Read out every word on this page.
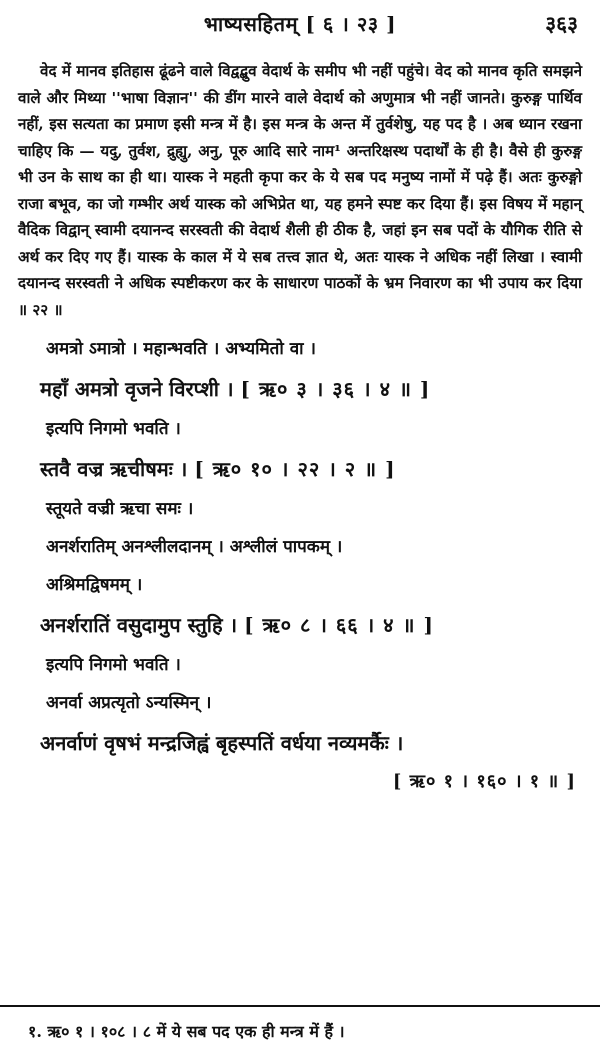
भाष्यसहितम् [ ६ । २३ ]	३६३

वेद में मानव इतिहास ढूंढने वाले विद्वद्बुव वेदार्थ के समीप भी नहीं पहुंचे। वेद को मानव कृति समझने वाले और मिथ्या ''भाषा विज्ञान'' की डींग मारने वाले वेदार्थ को अणुमात्र भी नहीं जानते। कुरुङ्ग पार्थिव नहीं, इस सत्यता का प्रमाण इसी मन्त्र में है। इस मन्त्र के अन्त में तुर्वशेषु, यह पद है । अब ध्यान रखना चाहिए कि — यदु, तुर्वश, द्रुह्यु, अनु, पूरु आदि सारे नाम¹ अन्तरिक्षस्थ पदार्थों के ही है। वैसे ही कुरुङ्ग भी उन के साथ का ही था। यास्क ने महती कृपा कर के ये सब पद मनुष्य नामों में पढ़े हैं। अतः कुरुङ्गो राजा बभूव, का जो गम्भीर अर्थ यास्क को अभिप्रेत था, यह हमने स्पष्ट कर दिया हैं। इस विषय में महान् वैदिक विद्वान् स्वामी दयानन्द सरस्वती की वेदार्थ शैली ही ठीक है, जहां इन सब पदों के यौगिक रीति से अर्थ कर दिए गए हैं। यास्क के काल में ये सब तत्त्व ज्ञात थे, अतः यास्क ने अधिक नहीं लिखा । स्वामी दयानन्द सरस्वती ने अधिक स्पष्टीकरण कर के साधारण पाठकों के भ्रम निवारण का भी उपाय कर दिया ॥ २२ ॥

अमत्रो ऽमात्रो । महान्भवति । अभ्यमितो वा ।
महाँ अमत्रो वृजने विरप्शी । [ ऋ० ३ । ३६ । ४ ॥ ]
इत्यपि निगमो भवति ।
स्तवै वज्र ऋचीषमः । [ ऋ० १० । २२ । २ ॥ ]
स्तूयते वज्री ऋचा समः ।
अनर्शरातिम् अनश्लीलदानम् । अश्लीलं पापकम् ।
अश्रिमद्विषमम् ।
अनर्शरातिं वसुदामुप स्तुहि । [ ऋ० ८ । ६६ । ४ ॥ ]
इत्यपि निगमो भवति ।
अनर्वा अप्रत्यृतो ऽन्यस्मिन् ।
अनर्वाणं वृषभं मन्द्रजिह्वं बृहस्पतिं वर्धया नव्यमर्कैः ।
[ ऋ० १ । १६० । १ ॥ ]
१. ऋ० १ । १०८ । ८ में ये सब पद एक ही मन्त्र में हैं ।
